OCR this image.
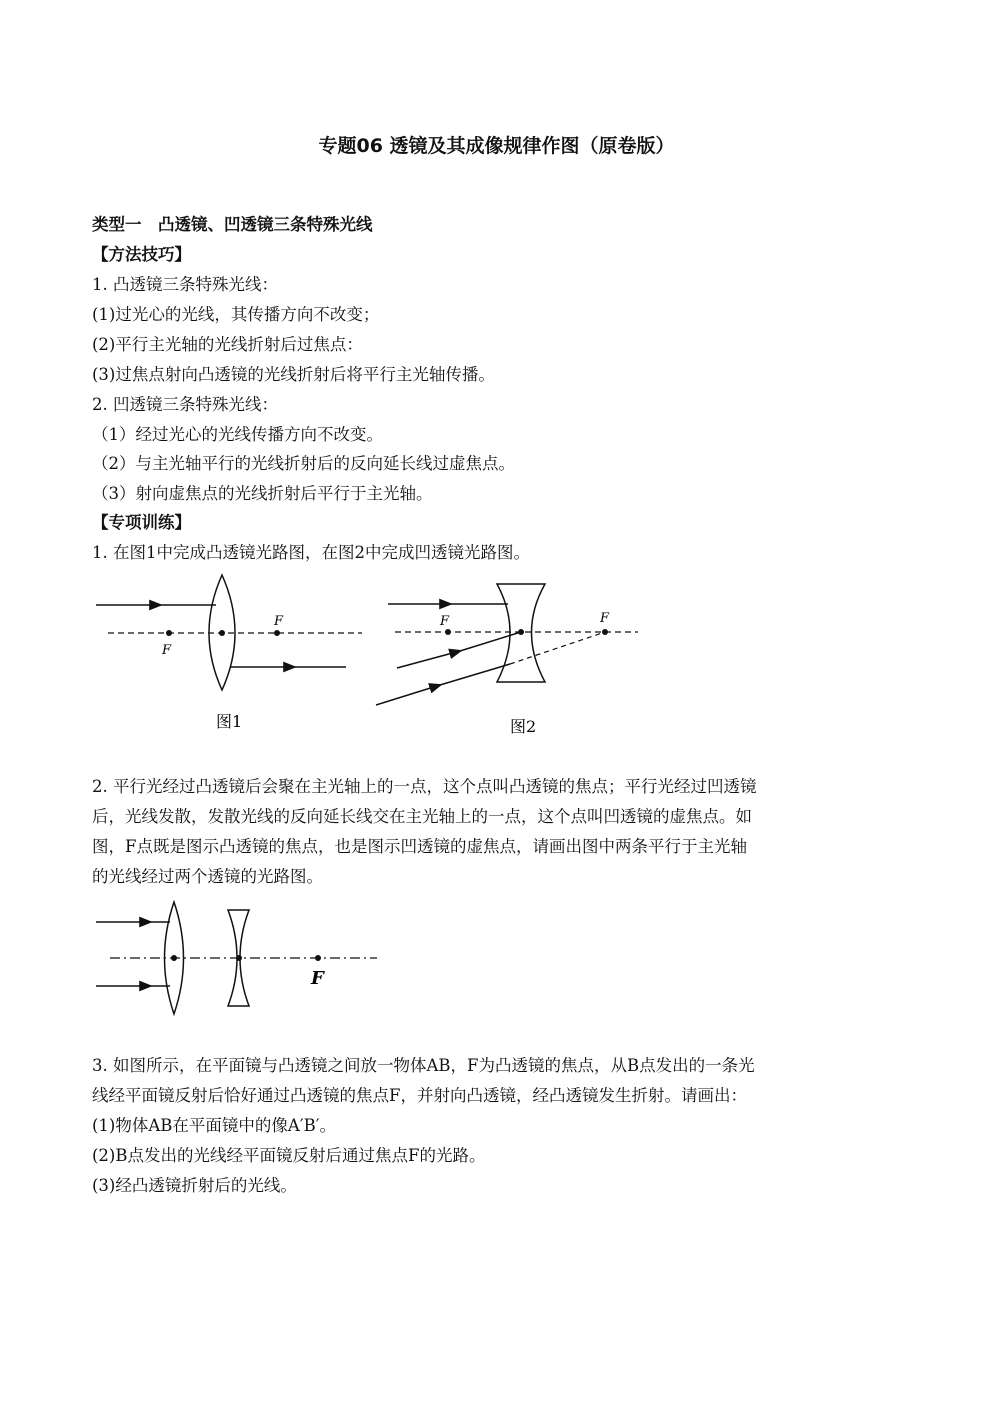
专题06 透镜及其成像规律作图（原卷版）
类型一　凸透镜、凹透镜三条特殊光线
【方法技巧】
1. 凸透镜三条特殊光线：
(1)过光心的光线，其传播方向不改变；
(2)平行主光轴的光线折射后过焦点：
(3)过焦点射向凸透镜的光线折射后将平行主光轴传播。
2. 凹透镜三条特殊光线：
（1）经过光心的光线传播方向不改变。
（2）与主光轴平行的光线折射后的反向延长线过虚焦点。
（3）射向虚焦点的光线折射后平行于主光轴。
【专项训练】
1. 在图1中完成凸透镜光路图，在图2中完成凹透镜光路图。
F
F
图1
F	F
图2
2. 平行光经过凸透镜后会聚在主光轴上的一点，这个点叫凸透镜的焦点；平行光经过凹透镜
后，光线发散，发散光线的反向延长线交在主光轴上的一点，这个点叫凹透镜的虚焦点。如
图，F点既是图示凸透镜的焦点，也是图示凹透镜的虚焦点，请画出图中两条平行于主光轴
的光线经过两个透镜的光路图。
F
3. 如图所示，在平面镜与凸透镜之间放一物体AB，F为凸透镜的焦点，从B点发出的一条光
线经平面镜反射后恰好通过凸透镜的焦点F，并射向凸透镜，经凸透镜发生折射。请画出：
(1)物体AB在平面镜中的像A′B′。
(2)B点发出的光线经平面镜反射后通过焦点F的光路。
(3)经凸透镜折射后的光线。
